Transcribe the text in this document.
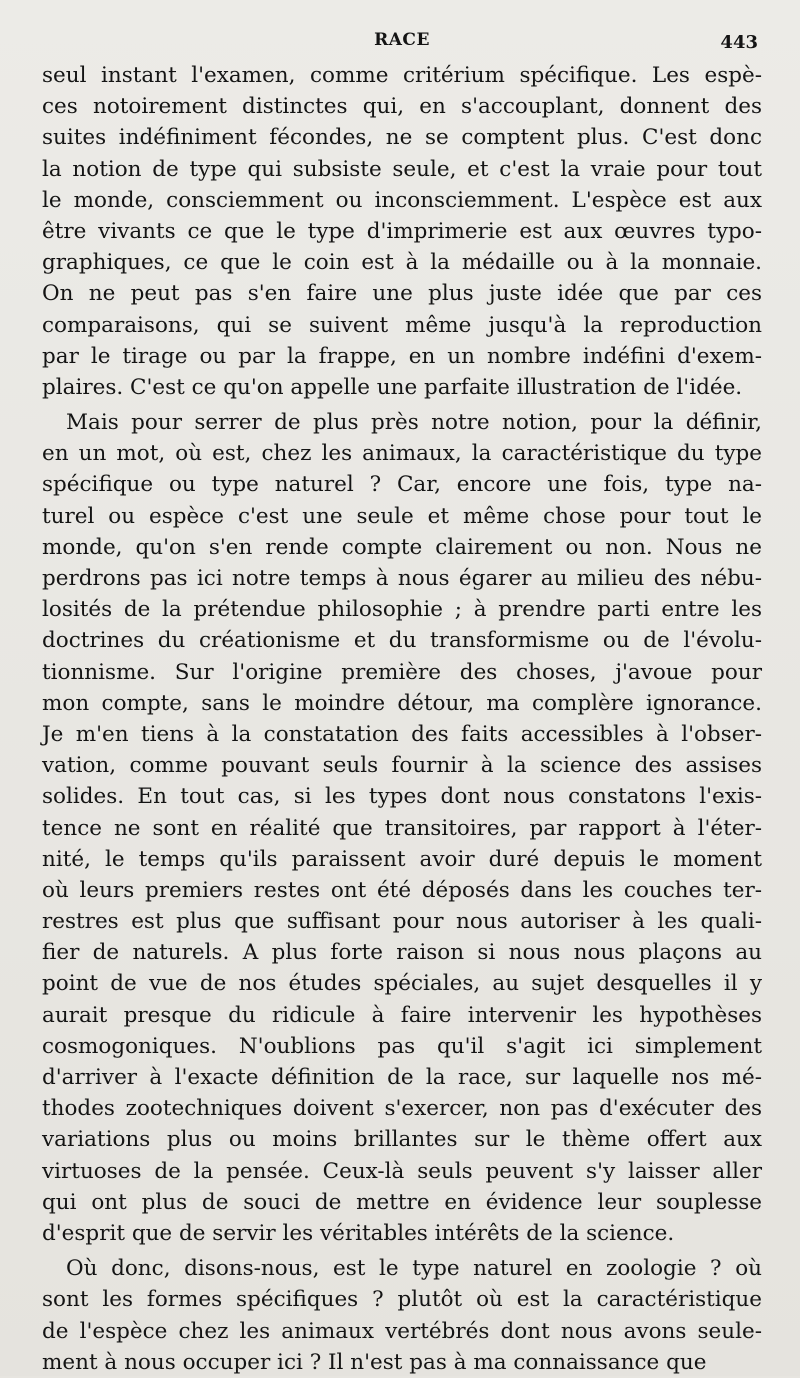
RACE	443
seul instant l'examen, comme critérium spécifique. Les espè-
ces notoirement distinctes qui, en s'accouplant, donnent des
suites indéfiniment fécondes, ne se comptent plus. C'est donc
la notion de type qui subsiste seule, et c'est la vraie pour tout
le monde, consciemment ou inconsciemment. L'espèce est aux
être vivants ce que le type d'imprimerie est aux œuvres typo-
graphiques, ce que le coin est à la médaille ou à la monnaie.
On ne peut pas s'en faire une plus juste idée que par ces
comparaisons, qui se suivent même jusqu'à la reproduction
par le tirage ou par la frappe, en un nombre indéfini d'exem-
plaires. C'est ce qu'on appelle une parfaite illustration de l'idée.
Mais pour serrer de plus près notre notion, pour la définir,
en un mot, où est, chez les animaux, la caractéristique du type
spécifique ou type naturel ? Car, encore une fois, type na-
turel ou espèce c'est une seule et même chose pour tout le
monde, qu'on s'en rende compte clairement ou non. Nous ne
perdrons pas ici notre temps à nous égarer au milieu des nébu-
losités de la prétendue philosophie ; à prendre parti entre les
doctrines du créationisme et du transformisme ou de l'évolu-
tionnisme. Sur l'origine première des choses, j'avoue pour
mon compte, sans le moindre détour, ma complère ignorance.
Je m'en tiens à la constatation des faits accessibles à l'obser-
vation, comme pouvant seuls fournir à la science des assises
solides. En tout cas, si les types dont nous constatons l'exis-
tence ne sont en réalité que transitoires, par rapport à l'éter-
nité, le temps qu'ils paraissent avoir duré depuis le moment
où leurs premiers restes ont été déposés dans les couches ter-
restres est plus que suffisant pour nous autoriser à les quali-
fier de naturels. A plus forte raison si nous nous plaçons au
point de vue de nos études spéciales, au sujet desquelles il y
aurait presque du ridicule à faire intervenir les hypothèses
cosmogoniques. N'oublions pas qu'il s'agit ici simplement
d'arriver à l'exacte définition de la race, sur laquelle nos mé-
thodes zootechniques doivent s'exercer, non pas d'exécuter des
variations plus ou moins brillantes sur le thème offert aux
virtuoses de la pensée. Ceux-là seuls peuvent s'y laisser aller
qui ont plus de souci de mettre en évidence leur souplesse
d'esprit que de servir les véritables intérêts de la science.
Où donc, disons-nous, est le type naturel en zoologie ? où
sont les formes spécifiques ? plutôt où est la caractéristique
de l'espèce chez les animaux vertébrés dont nous avons seule-
ment à nous occuper ici ? Il n'est pas à ma connaissance que
